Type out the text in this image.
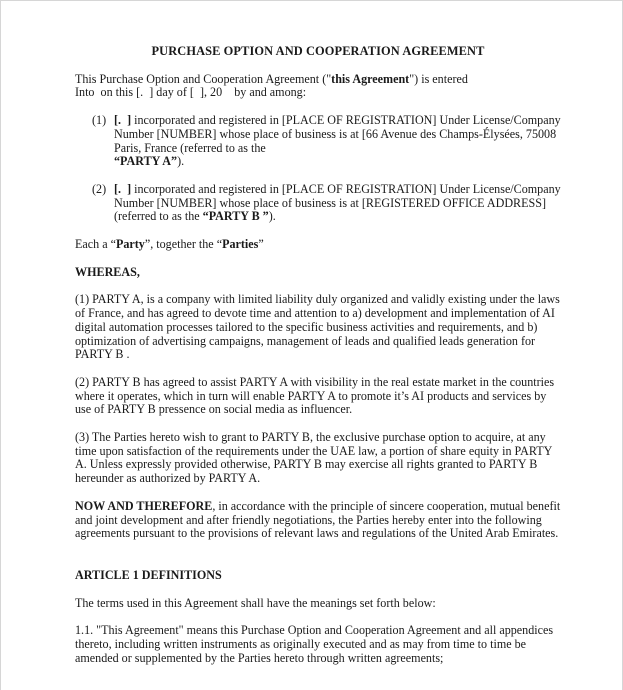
PURCHASE OPTION AND COOPERATION AGREEMENT

This Purchase Option and Cooperation Agreement ("this Agreement") is entered

Into  on this [.  ] day of [  ], 20    by and among:

(1) [.  ] incorporated and registered in [PLACE OF REGISTRATION] Under License/Company Number [NUMBER] whose place of business is at [66 Avenue des Champs-Élysées, 75008 Paris, France (referred to as the
“PARTY A”).
(2) [.  ] incorporated and registered in [PLACE OF REGISTRATION] Under License/Company Number [NUMBER] whose place of business is at [REGISTERED OFFICE ADDRESS] (referred to as the “PARTY B ”).

Each a “Party”, together the “Parties”

WHEREAS,

(1) PARTY A, is a company with limited liability duly organized and validly existing under the laws of France, and has agreed to devote time and attention to a) development and implementation of AI digital automation processes tailored to the specific business activities and requirements, and b) optimization of advertising campaigns, management of leads and qualified leads generation for PARTY B .

(2) PARTY B has agreed to assist PARTY A with visibility in the real estate market in the countries where it operates, which in turn will enable PARTY A to promote it’s AI products and services by use of PARTY B pressence on social media as influencer.

(3) The Parties hereto wish to grant to PARTY B, the exclusive purchase option to acquire, at any time upon satisfaction of the requirements under the UAE law, a portion of share equity in PARTY A. Unless expressly provided otherwise, PARTY B may exercise all rights granted to PARTY B hereunder as authorized by PARTY A.

NOW AND THEREFORE, in accordance with the principle of sincere cooperation, mutual benefit and joint development and after friendly negotiations, the Parties hereby enter into the following agreements pursuant to the provisions of relevant laws and regulations of the United Arab Emirates.

ARTICLE 1 DEFINITIONS

The terms used in this Agreement shall have the meanings set forth below:

1.1. "This Agreement" means this Purchase Option and Cooperation Agreement and all appendices thereto, including written instruments as originally executed and as may from time to time be amended or supplemented by the Parties hereto through written agreements;
